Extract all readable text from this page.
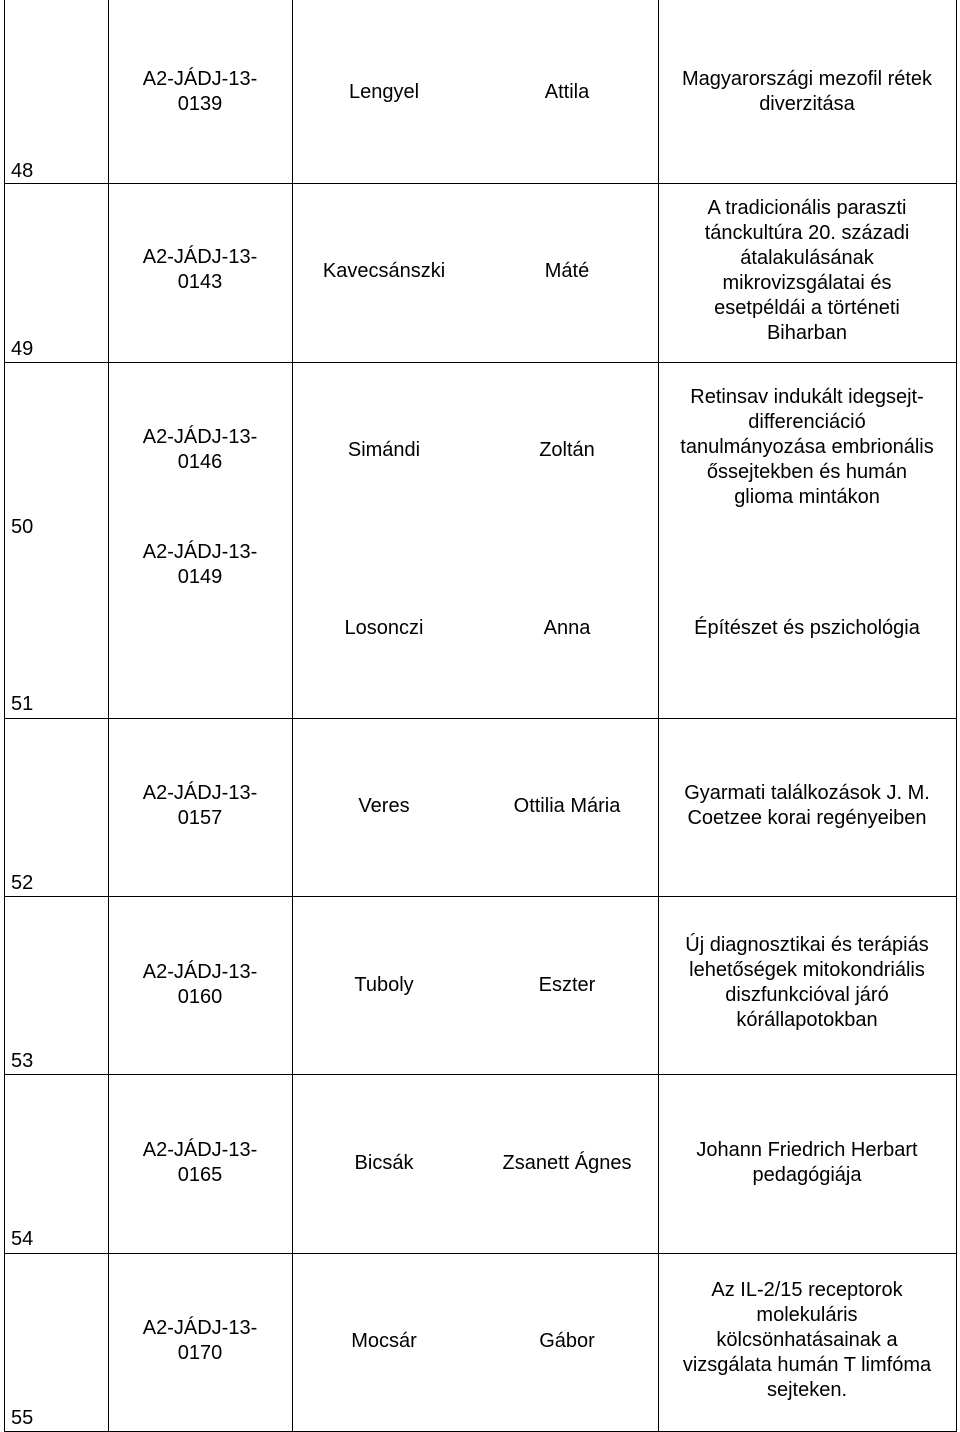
48
A2-JÁDJ-13-
0139
Lengyel	Attila
Magyarországi mezofil rétek
diverzitása
49
A2-JÁDJ-13-
0143
Kavecsánszki	Máté
A tradicionális paraszti
tánckultúra 20. századi
átalakulásának
mikrovizsgálatai és
esetpéldái a történeti
Biharban
50
A2-JÁDJ-13-
0146
Simándi	Zoltán
Retinsav indukált idegsejt-
differenciáció
tanulmányozása embrionális
őssejtekben és humán
glioma mintákon
51
A2-JÁDJ-13-
0149
Losonczi	Anna	Építészet és pszichológia
52
A2-JÁDJ-13-
0157
Veres	Ottilia Mária
Gyarmati találkozások J. M.
Coetzee korai regényeiben
53
A2-JÁDJ-13-
0160
Tuboly	Eszter
Új diagnosztikai és terápiás
lehetőségek mitokondriális
diszfunkcióval járó
kórállapotokban
54
A2-JÁDJ-13-
0165
Bicsák	Zsanett Ágnes
Johann Friedrich Herbart
pedagógiája
55
A2-JÁDJ-13-
0170
Mocsár	Gábor
Az IL-2/15 receptorok
molekuláris
kölcsönhatásainak a
vizsgálata humán T limfóma
sejteken.
